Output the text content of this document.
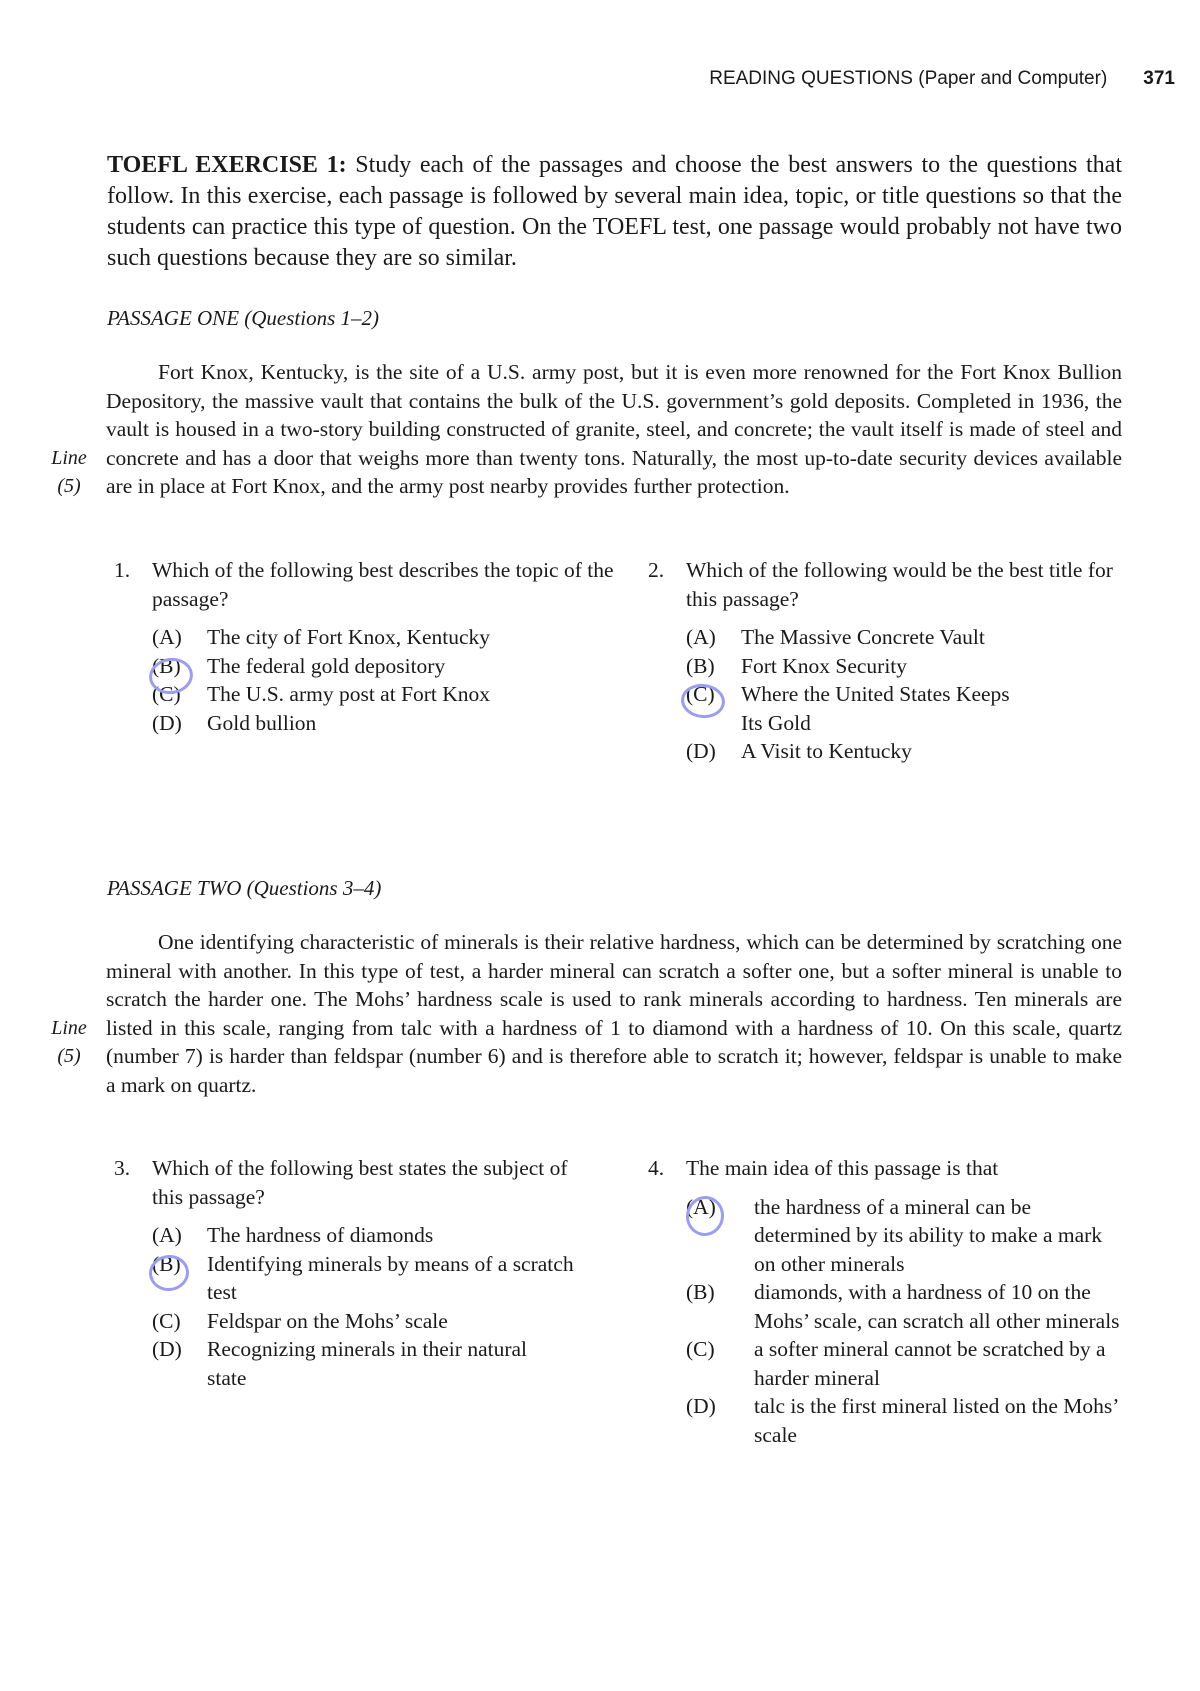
READING QUESTIONS (Paper and Computer) 371
TOEFL EXERCISE 1: Study each of the passages and choose the best answers to the questions that follow. In this exercise, each passage is followed by several main idea, topic, or title questions so that the students can practice this type of question. On the TOEFL test, one passage would probably not have two such questions because they are so similar.
PASSAGE ONE (Questions 1–2)

Fort Knox, Kentucky, is the site of a U.S. army post, but it is even more renowned for the Fort Knox Bullion Depository, the massive vault that contains the bulk of the U.S. government’s gold deposits. Completed in 1936, the vault is housed in a two-story building constructed of granite, steel, and concrete; the vault itself is made of steel and concrete and has a door that weighs more than twenty tons. Naturally, the most up-to-date security devices available are in place at Fort Knox, and the army post nearby provides further protection.

Line
(5)
1. Which of the following best describes the topic of the passage?
(A) The city of Fort Knox, Kentucky
(B) The federal gold depository
(C) The U.S. army post at Fort Knox
(D) Gold bullion
2. Which of the following would be the best title for this passage?
(A) The Massive Concrete Vault
(B) Fort Knox Security
(C) Where the United States Keeps Its Gold
(D) A Visit to Kentucky
PASSAGE TWO (Questions 3–4)

One identifying characteristic of minerals is their relative hardness, which can be determined by scratching one mineral with another. In this type of test, a harder mineral can scratch a softer one, but a softer mineral is unable to scratch the harder one. The Mohs’ hardness scale is used to rank minerals according to hardness. Ten minerals are listed in this scale, ranging from talc with a hardness of 1 to diamond with a hardness of 10. On this scale, quartz (number 7) is harder than feldspar (number 6) and is therefore able to scratch it; however, feldspar is unable to make a mark on quartz.

Line
(5)
3. Which of the following best states the subject of this passage?
(A) The hardness of diamonds
(B) Identifying minerals by means of a scratch test
(C) Feldspar on the Mohs’ scale
(D) Recognizing minerals in their natural state
4. The main idea of this passage is that
(A) the hardness of a mineral can be determined by its ability to make a mark on other minerals
(B) diamonds, with a hardness of 10 on the Mohs’ scale, can scratch all other minerals
(C) a softer mineral cannot be scratched by a harder mineral
(D) talc is the first mineral listed on the Mohs’ scale
